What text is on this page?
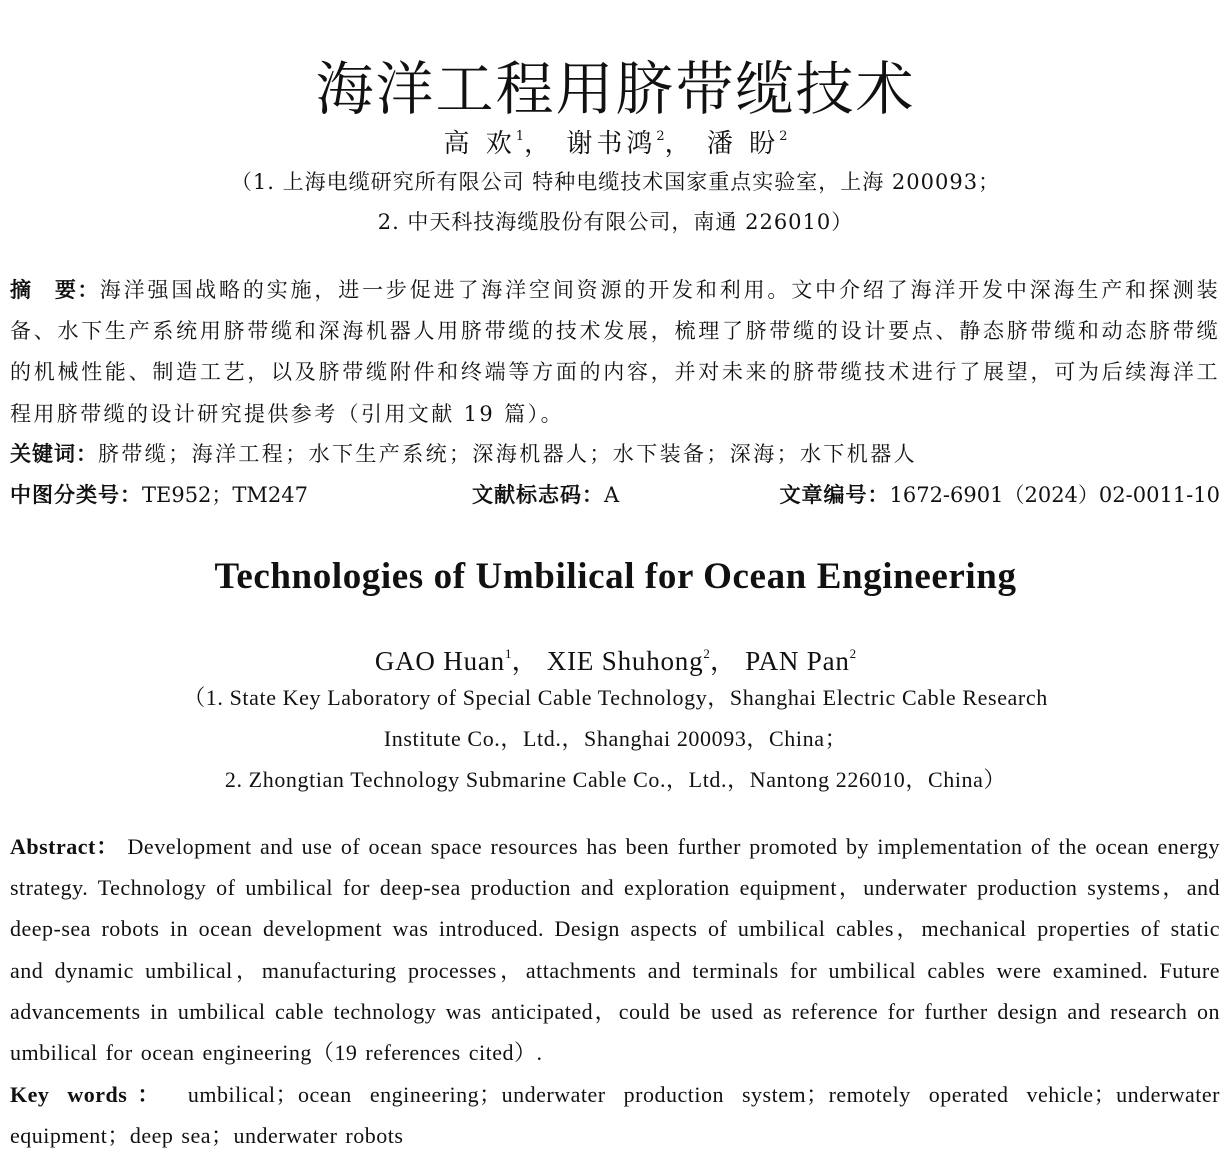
海洋工程用脐带缆技术
高 欢$^1$， 谢书鸿$^2$， 潘 盼$^2$
（1. 上海电缆研究所有限公司 特种电缆技术国家重点实验室，上海 200093；
2. 中天科技海缆股份有限公司，南通 226010）

摘　要：海洋强国战略的实施，进一步促进了海洋空间资源的开发和利用。文中介绍了海洋开发中深海生产和探测装备、水下生产系统用脐带缆和深海机器人用脐带缆的技术发展，梳理了脐带缆的设计要点、静态脐带缆和动态脐带缆的机械性能、制造工艺，以及脐带缆附件和终端等方面的内容，并对未来的脐带缆技术进行了展望，可为后续海洋工程用脐带缆的设计研究提供参考（引用文献 19 篇）。

关键词：脐带缆；海洋工程；水下生产系统；深海机器人；水下装备；深海；水下机器人

中图分类号：TE952；TM247	文献标志码：A	文章编号：1672-6901（2024）02-0011-10
Technologies of Umbilical for Ocean Engineering
GAO Huan$^1$， XIE Shuhong$^2$， PAN Pan$^2$
（1. State Key Laboratory of Special Cable Technology，Shanghai Electric Cable Research
Institute Co.，Ltd.，Shanghai 200093，China；
2. Zhongtian Technology Submarine Cable Co.，Ltd.，Nantong 226010，China）

Abstract： Development and use of ocean space resources has been further promoted by implementation of the ocean energy strategy. Technology of umbilical for deep-sea production and exploration equipment，underwater production systems，and deep-sea robots in ocean development was introduced. Design aspects of umbilical cables，mechanical properties of static and dynamic umbilical，manufacturing processes，attachments and terminals for umbilical cables were examined. Future advancements in umbilical cable technology was anticipated，could be used as reference for further design and research on umbilical for ocean engineering（19 references cited）.

Key words： umbilical；ocean engineering；underwater production system；remotely operated vehicle；underwater equipment；deep sea；underwater robots
